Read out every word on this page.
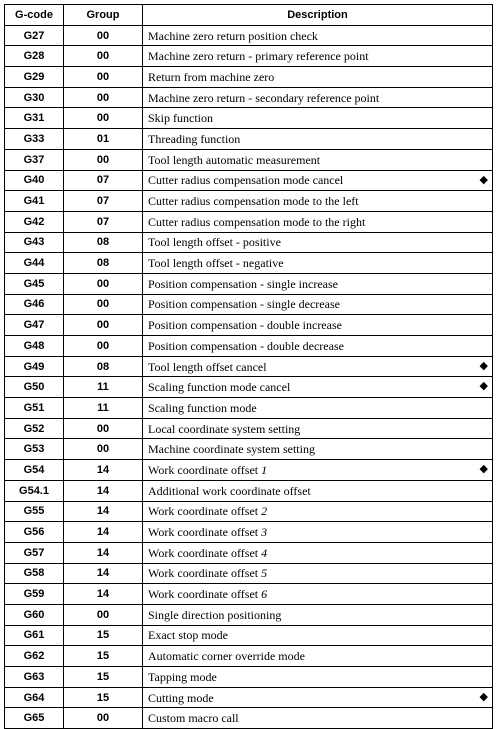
G-code	Group	Description
G27	00	Machine zero return position check
G28	00	Machine zero return - primary reference point
G29	00	Return from machine zero
G30	00	Machine zero return - secondary reference point
G31	00	Skip function
G33	01	Threading function
G37	00	Tool length automatic measurement
G40	07	Cutter radius compensation mode cancel ◆

G41	07	Cutter radius compensation mode to the left
G42	07	Cutter radius compensation mode to the right
G43	08	Tool length offset - positive
G44	08	Tool length offset - negative
G45	00	Position compensation - single increase
G46	00	Position compensation - single decrease
G47	00	Position compensation - double increase
G48	00	Position compensation - double decrease
G49	08	Tool length offset cancel ◆

G50	11	Scaling function mode cancel ◆

G51	11	Scaling function mode
G52	00	Local coordinate system setting
G53	00	Machine coordinate system setting
G54	14	Work coordinate offset 1 ◆

G54.1	14	Additional work coordinate offset
G55	14	Work coordinate offset 2
G56	14	Work coordinate offset 3
G57	14	Work coordinate offset 4
G58	14	Work coordinate offset 5
G59	14	Work coordinate offset 6
G60	00	Single direction positioning
G61	15	Exact stop mode
G62	15	Automatic corner override mode
G63	15	Tapping mode
G64	15	Cutting mode ◆

G65	00	Custom macro call
